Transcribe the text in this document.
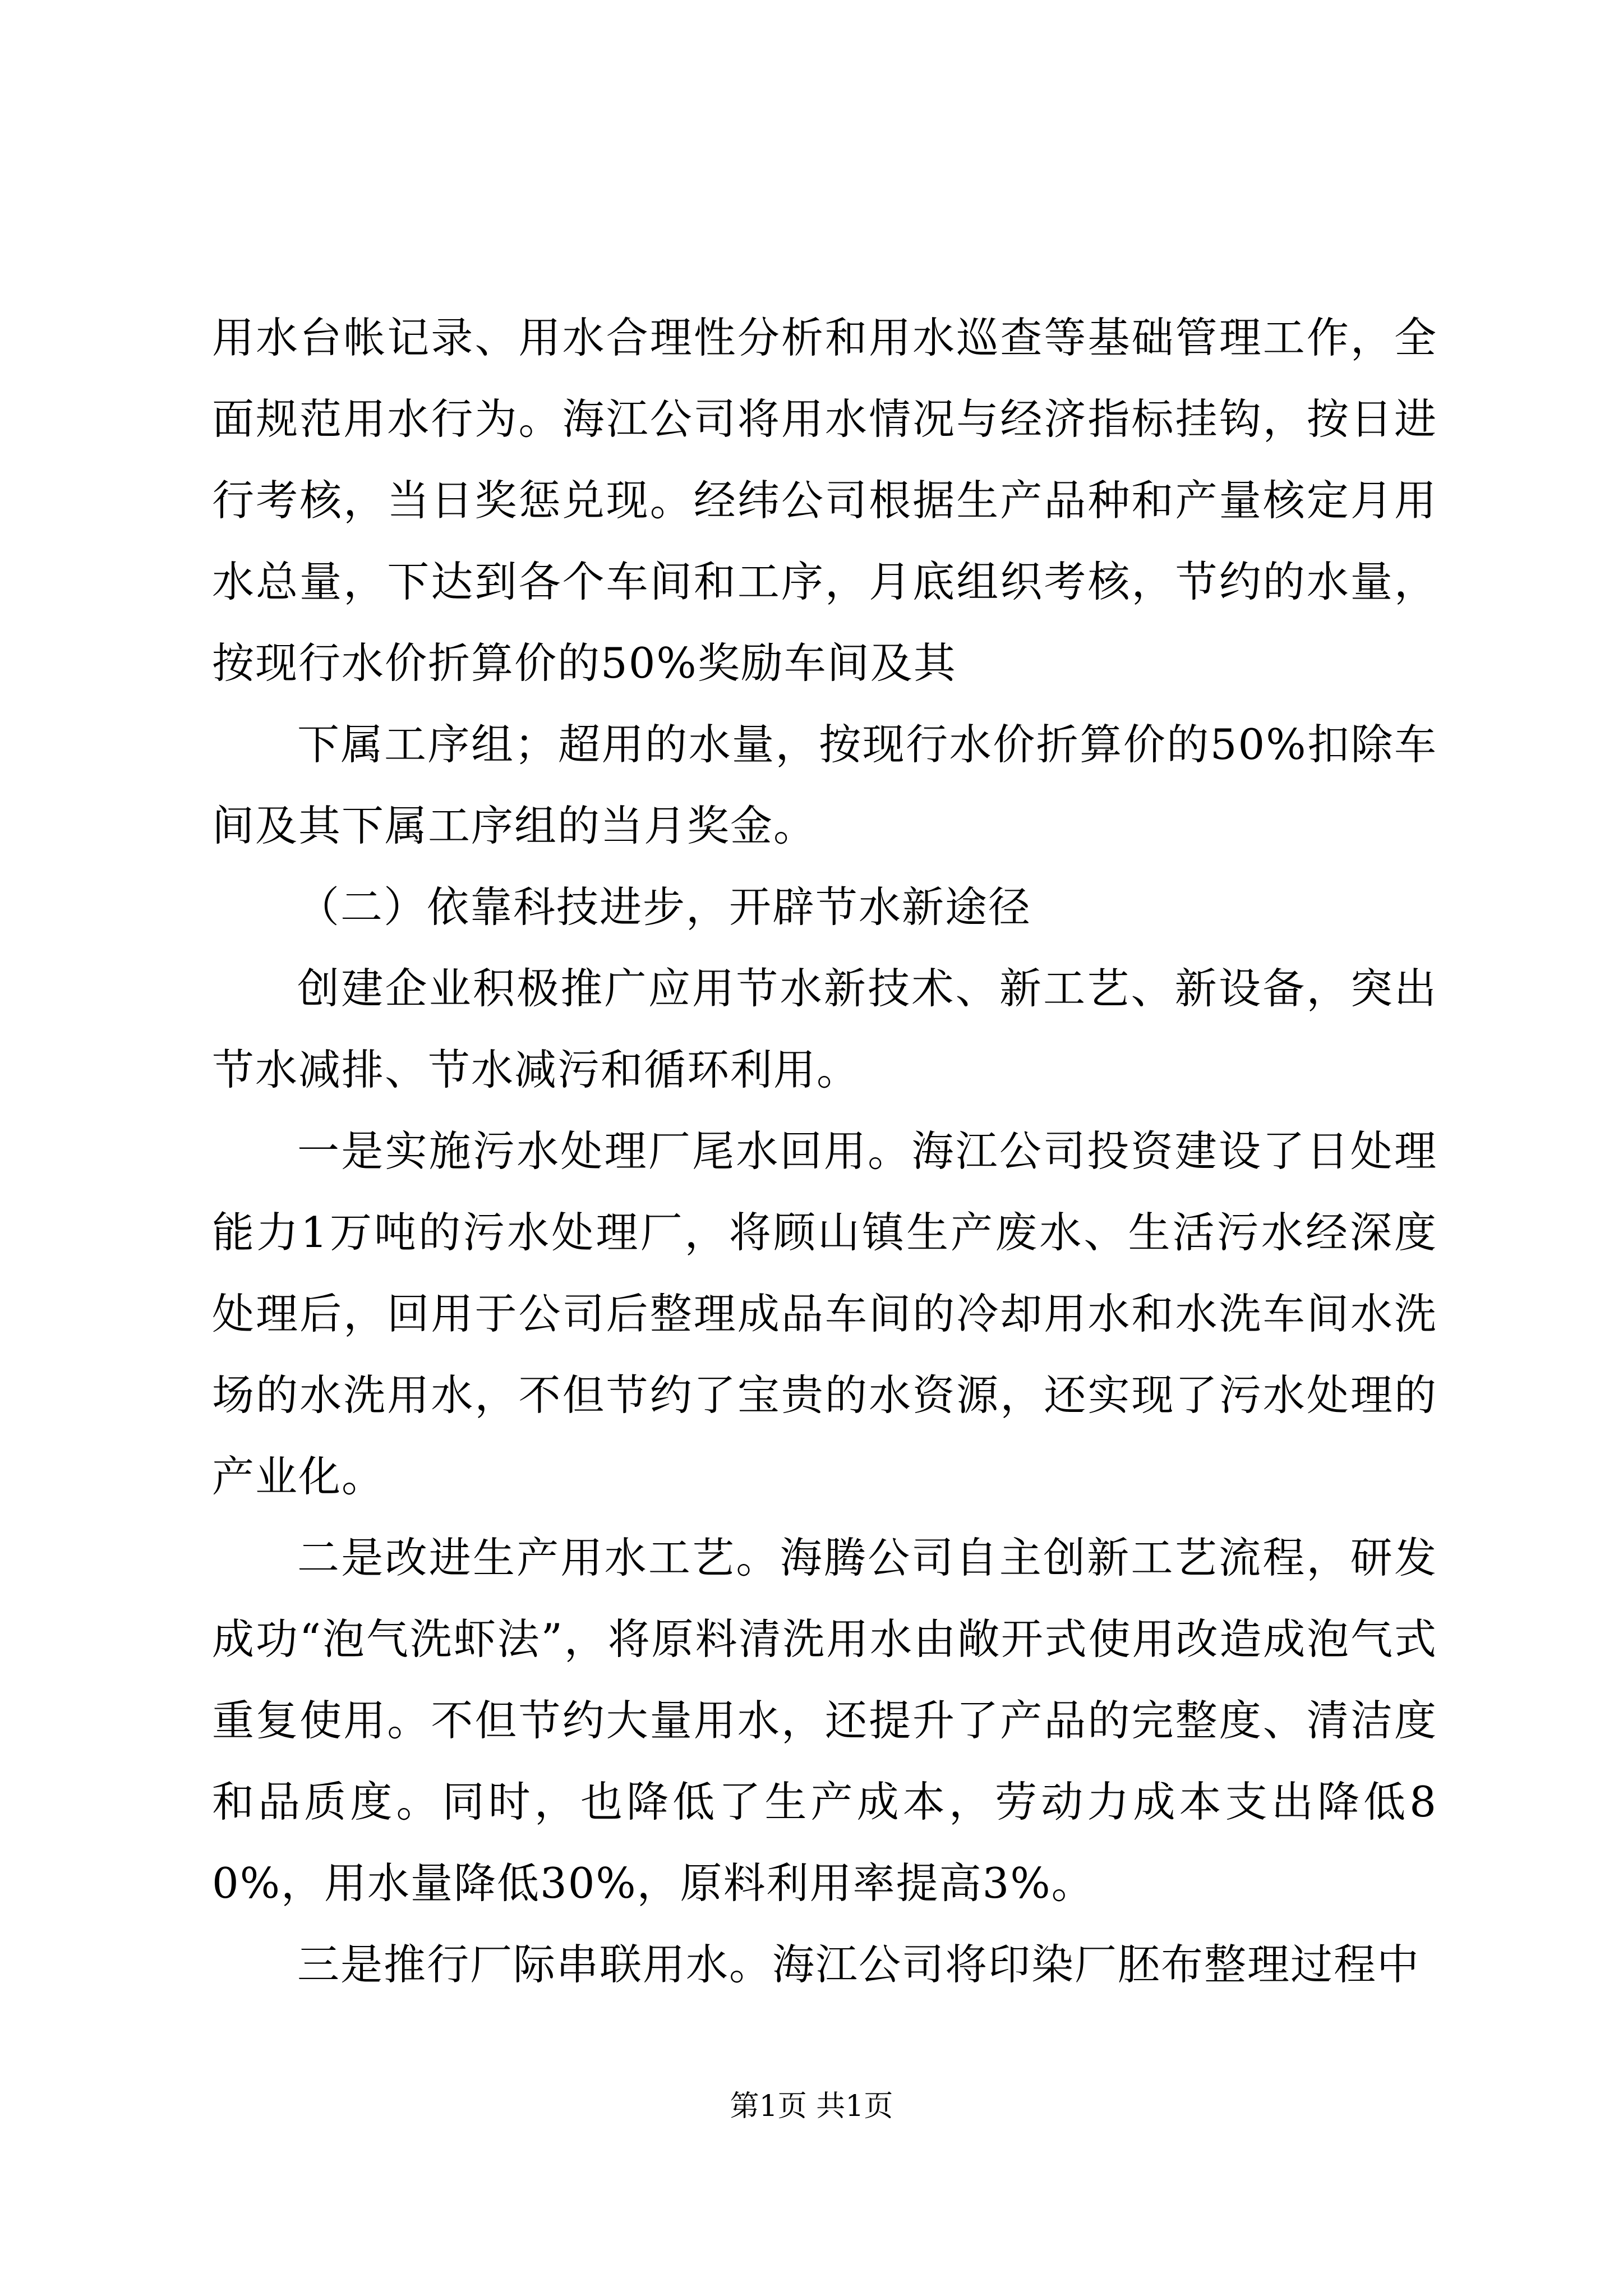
用水台帐记录、用水合理性分析和用水巡查等基础管理工作，全面规范用水行为。海江公司将用水情况与经济指标挂钩，按日进行考核，当日奖惩兑现。经纬公司根据生产品种和产量核定月用水总量，下达到各个车间和工序，月底组织考核，节约的水量，按现行水价折算价的50%奖励车间及其

下属工序组；超用的水量，按现行水价折算价的50%扣除车间及其下属工序组的当月奖金。

（二）依靠科技进步，开辟节水新途径

创建企业积极推广应用节水新技术、新工艺、新设备，突出节水减排、节水减污和循环利用。

一是实施污水处理厂尾水回用。海江公司投资建设了日处理能力1万吨的污水处理厂，将顾山镇生产废水、生活污水经深度处理后，回用于公司后整理成品车间的冷却用水和水洗车间水洗场的水洗用水，不但节约了宝贵的水资源，还实现了污水处理的产业化。

二是改进生产用水工艺。海腾公司自主创新工艺流程，研发成功“泡气洗虾法”，将原料清洗用水由敞开式使用改造成泡气式重复使用。不但节约大量用水，还提升了产品的完整度、清洁度和品质度。同时，也降低了生产成本，劳动力成本支出降低80%，用水量降低30%，原料利用率提高3%。

三是推行厂际串联用水。海江公司将印染厂胚布整理过程中

第1页 共1页
